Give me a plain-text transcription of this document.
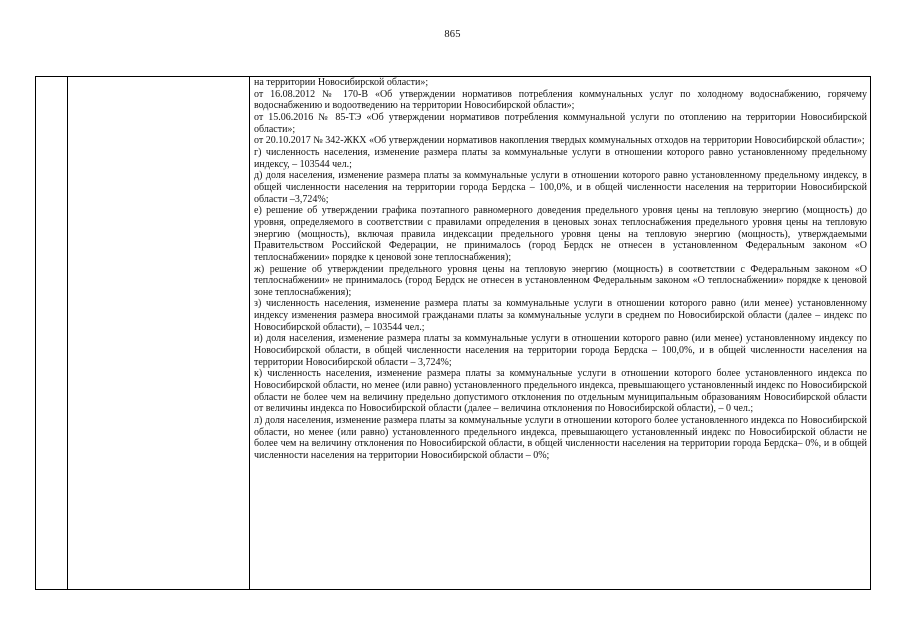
865

на территории Новосибирской области»;

от 16.08.2012 № 170-В «Об утверждении нормативов потребления коммунальных услуг по холодному водоснабжению, горячему водоснабжению и водоотведению на территории Новосибирской области»;

от 15.06.2016 № 85-ТЭ «Об утверждении нормативов потребления коммунальной услуги по отоплению на территории Новосибирской области»;

от 20.10.2017 № 342-ЖКХ «Об утверждении нормативов накопления твердых коммунальных отходов на территории Новосибирской области»;

г) численность населения, изменение размера платы за коммунальные услуги в отношении которого равно установленному предельному индексу, – 103544 чел.;

д) доля населения, изменение размера платы за коммунальные услуги в отношении которого равно установленному предельному индексу, в общей численности населения на территории города Бердска – 100,0%, и в общей численности населения на территории Новосибирской области –3,724%;

е) решение об утверждении графика поэтапного равномерного доведения предельного уровня цены на тепловую энергию (мощность) до уровня, определяемого в соответствии с правилами определения в ценовых зонах теплоснабжения предельного уровня цены на тепловую энергию (мощность), включая правила индексации предельного уровня цены на тепловую энергию (мощность), утверждаемыми Правительством Российской Федерации, не принималось (город Бердск не отнесен в установленном Федеральным законом «О теплоснабжении» порядке к ценовой зоне теплоснабжения);

ж) решение об утверждении предельного уровня цены на тепловую энергию (мощность) в соответствии с Федеральным законом «О теплоснабжении» не принималось (город Бердск не отнесен в установленном Федеральным законом «О теплоснабжении» порядке к ценовой зоне теплоснабжения);

з) численность населения, изменение размера платы за коммунальные услуги в отношении которого равно (или менее) установленному индексу изменения размера вносимой гражданами платы за коммунальные услуги в среднем по Новосибирской области (далее – индекс по Новосибирской области), – 103544 чел.;

и) доля населения, изменение размера платы за коммунальные услуги в отношении которого равно (или менее) установленному индексу по Новосибирской области, в общей численности населения на территории города Бердска – 100,0%, и в общей численности населения на территории Новосибирской области – 3,724%;

к) численность населения, изменение размера платы за коммунальные услуги в отношении которого более установленного индекса по Новосибирской области, но менее (или равно) установленного предельного индекса, превышающего установленный индекс по Новосибирской области не более чем на величину предельно допустимого отклонения по отдельным муниципальным образованиям Новосибирской области от величины индекса по Новосибирской области (далее – величина отклонения по Новосибирской области), – 0 чел.;

л) доля населения, изменение размера платы за коммунальные услуги в отношении которого более установленного индекса по Новосибирской области, но менее (или равно) установленного предельного индекса, превышающего установленный индекс по Новосибирской области не более чем на величину отклонения по Новосибирской области, в общей численности населения на территории города Бердска– 0%, и в общей численности населения на территории Новосибирской области – 0%;
